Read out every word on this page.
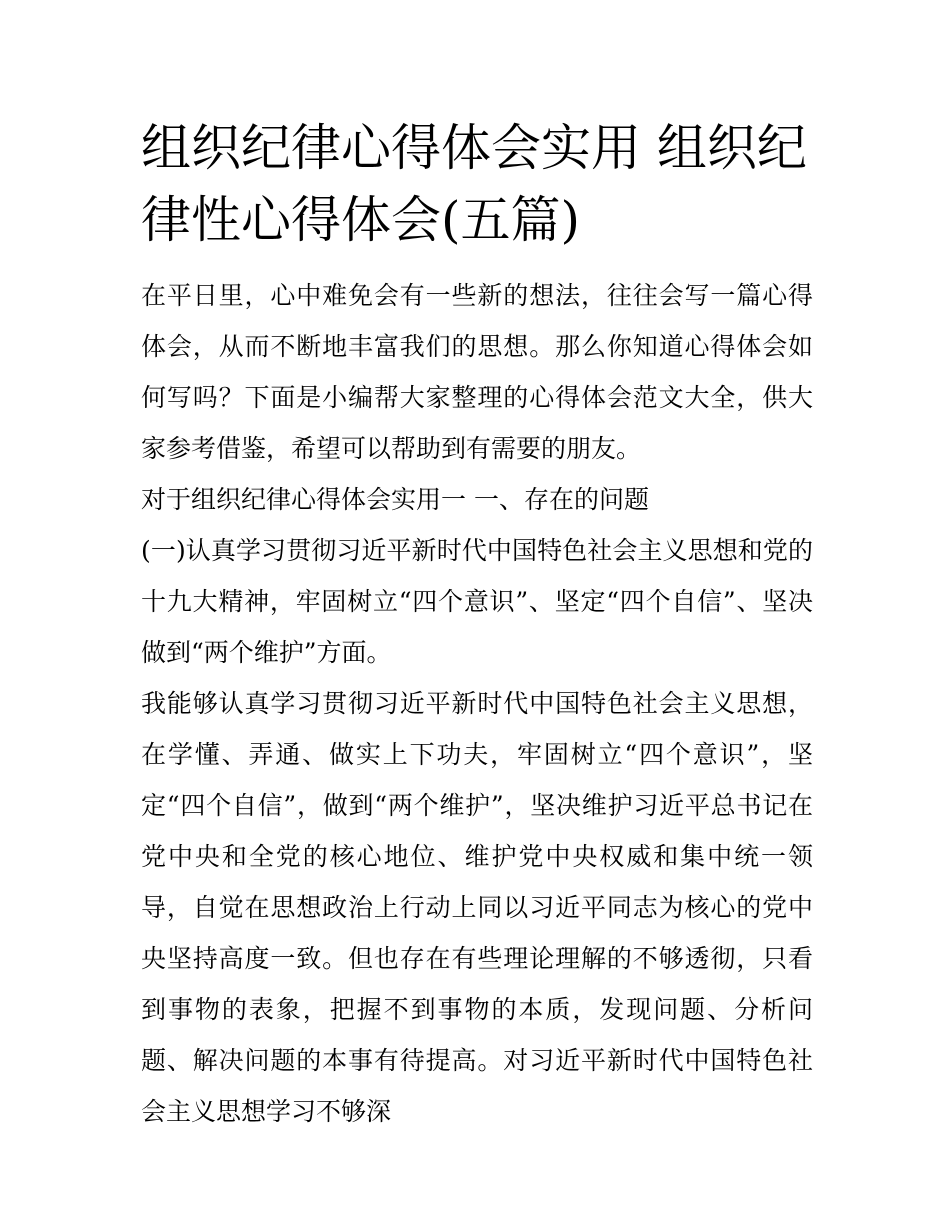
组织纪律心得体会实用 组织纪律性心得体会(五篇)

在平日里，心中难免会有一些新的想法，往往会写一篇心得体会，从而不断地丰富我们的思想。那么你知道心得体会如何写吗？下面是小编帮大家整理的心得体会范文大全，供大家参考借鉴，希望可以帮助到有需要的朋友。

对于组织纪律心得体会实用一 一、存在的问题

(一)认真学习贯彻习近平新时代中国特色社会主义思想和党的十九大精神，牢固树立“四个意识”、坚定“四个自信”、坚决做到“两个维护”方面。

我能够认真学习贯彻习近平新时代中国特色社会主义思想，在学懂、弄通、做实上下功夫，牢固树立“四个意识”，坚定“四个自信”，做到“两个维护”，坚决维护习近平总书记在党中央和全党的核心地位、维护党中央权威和集中统一领导，自觉在思想政治上行动上同以习近平同志为核心的党中央坚持高度一致。但也存在有些理论理解的不够透彻，只看到事物的表象，把握不到事物的本质，发现问题、分析问题、解决问题的本事有待提高。对习近平新时代中国特色社会主义思想学习不够深
